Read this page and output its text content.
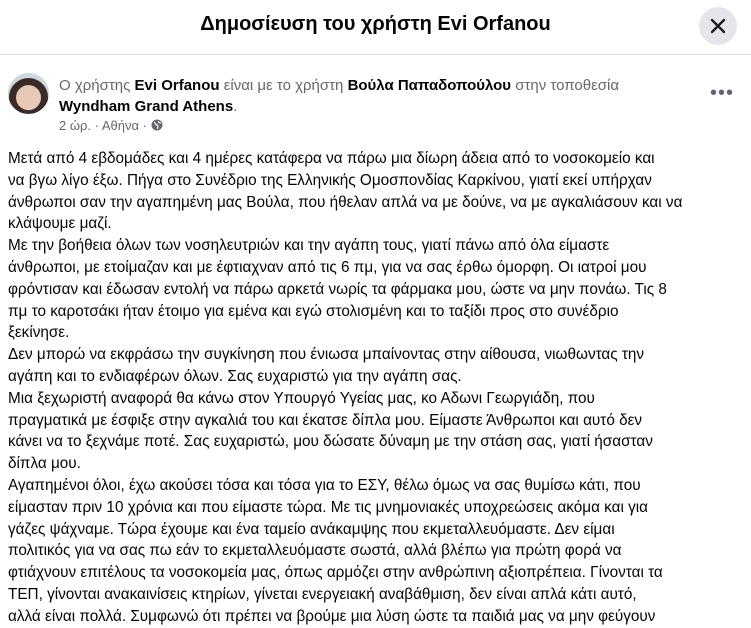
Δημοσίευση του χρήστη Evi Orfanou
Ο χρήστης Evi Orfanou είναι με το χρήστη Βούλα Παπαδοπούλου στην τοποθεσία
Wyndham Grand Athens.
2 ώρ. · Αθήνα ·
•••
Μετά από 4 εβδομάδες και 4 ημέρες κατάφερα να πάρω μια δίωρη άδεια από το νοσοκομείο και
να βγω λίγο έξω. Πήγα στο Συνέδριο της Ελληνικής Ομοσπονδίας Καρκίνου, γιατί εκεί υπήρχαν
άνθρωποι σαν την αγαπημένη μας Βούλα, που ήθελαν απλά να με δούνε, να με αγκαλιάσουν και να
κλάψουμε μαζί.
Με την βοήθεια όλων των νοσηλευτριών και την αγάπη τους, γιατί πάνω από όλα είμαστε
άνθρωποι, με ετοίμαζαν και με έφτιαχναν από τις 6 πμ, για να σας έρθω όμορφη. Οι ιατροί μου
φρόντισαν και έδωσαν εντολή να πάρω αρκετά νωρίς τα φάρμακα μου, ώστε να μην πονάω. Τις 8
πμ το καροτσάκι ήταν έτοιμο για εμένα και εγώ στολισμένη και το ταξίδι προς στο συνέδριο
ξεκίνησε.
Δεν μπορώ να εκφράσω την συγκίνηση που ένιωσα μπαίνοντας στην αίθουσα, νιωθωντας την
αγάπη και το ενδιαφέρων όλων. Σας ευχαριστώ για την αγάπη σας.
Μια ξεχωριστή αναφορά θα κάνω στον Υπουργό Υγείας μας, κο Αδωνι Γεωργιάδη, που
πραγματικά με έσφιξε στην αγκαλιά του και έκατσε δίπλα μου. Είμαστε Άνθρωποι και αυτό δεν
κάνει να το ξεχνάμε ποτέ. Σας ευχαριστώ, μου δώσατε δύναμη με την στάση σας, γιατί ήσασταν
δίπλα μου.
Αγαπημένοι όλοι, έχω ακούσει τόσα και τόσα για το ΕΣΥ, θέλω όμως να σας θυμίσω κάτι, που
είμασταν πριν 10 χρόνια και που είμαστε τώρα. Με τις μνημονιακές υποχρεώσεις ακόμα και για
γάζες ψάχναμε. Τώρα έχουμε και ένα ταμείο ανάκαμψης που εκμεταλλευόμαστε. Δεν είμαι
πολιτικός για να σας πω εάν το εκμεταλλευόμαστε σωστά, αλλά βλέπω για πρώτη φορά να
φτιάχνουν επιτέλους τα νοσοκομεία μας, όπως αρμόζει στην ανθρώπινη αξιοπρέπεια. Γίνονται τα
ΤΕΠ, γίνονται ανακαινίσεις κτηρίων, γίνεται ενεργειακή αναβάθμιση, δεν είναι απλά κάτι αυτό,
αλλά είναι πολλά. Συμφωνώ ότι πρέπει να βρούμε μια λύση ώστε τα παιδιά μας να μην φεύγουν
